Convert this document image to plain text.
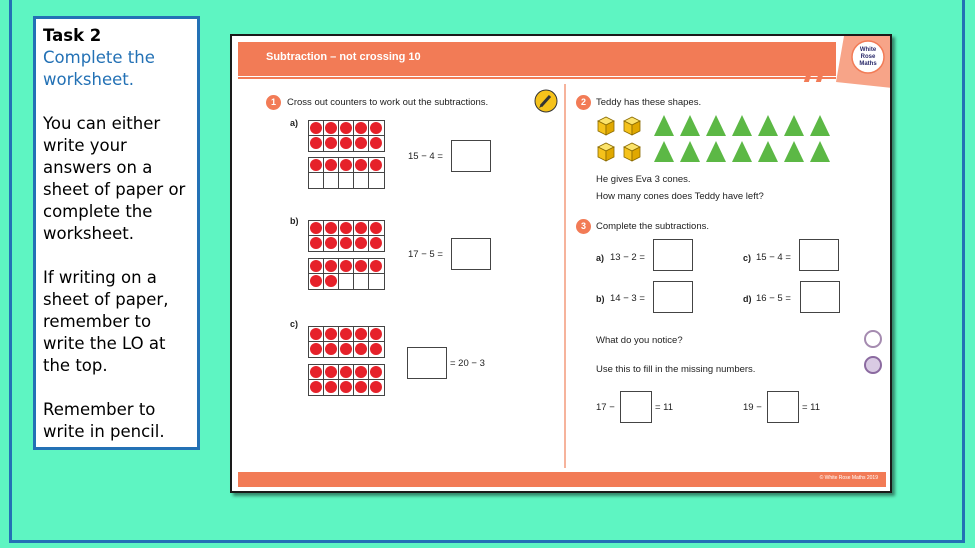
Task 2

Complete the worksheet.

You can either write your answers on a sheet of paper or complete the worksheet.

If writing on a sheet of paper, remember to write the LO at the top.

Remember to write in pencil.

Subtraction – not crossing 10
White
Rose
Maths
1	Cross out counters to work out the subtractions.
a)
15 − 4 =
b)
17 − 5 =
c)
= 20 − 3
2	Teddy has these shapes.
He gives Eva 3 cones.
How many cones does Teddy have left?
3	Complete the subtractions.
a) 13 − 2 =	c) 15 − 4 =
b) 14 − 3 =	d) 16 − 5 =
What do you notice?
Use this to fill in the missing numbers.
17 −	= 11	19 −	= 11
© White Rose Maths 2019
